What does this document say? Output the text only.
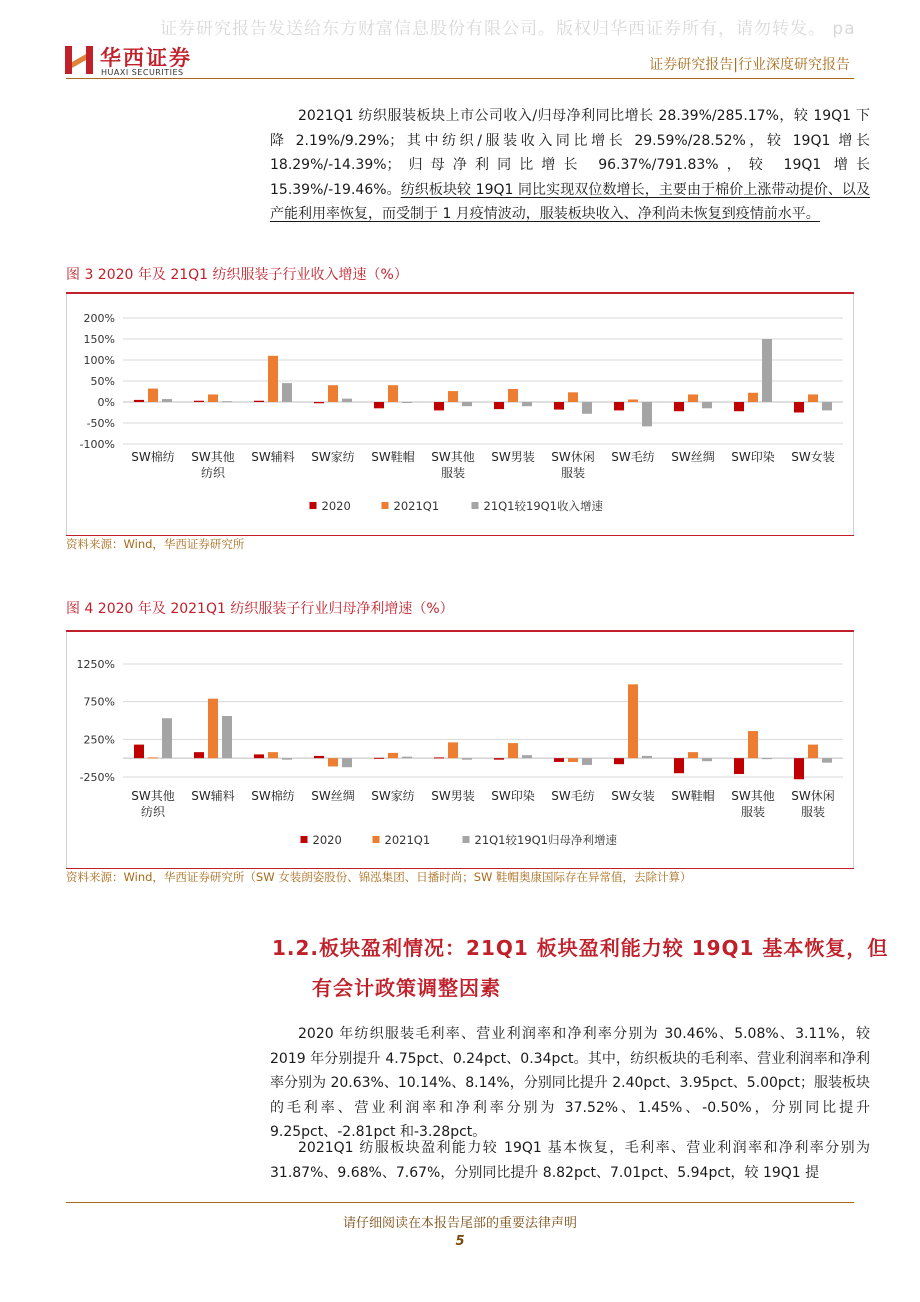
证券研究报告发送给东方财富信息股份有限公司。版权归华西证券所有，请勿转发。 pa
华西证券
HUAXI SECURITIES	证券研究报告|行业深度研究报告

2021Q1 纺织服装板块上市公司收入/归母净利同比增长 28.39%/285.17%，较 19Q1 下降 2.19%/9.29%；其中纺织/服装收入同比增长 29.59%/28.52%，较 19Q1 增长 18.29%/-14.39%；归母净利同比增长 96.37%/791.83%，较 19Q1 增长 15.39%/-19.46%。纺织板块较 19Q1 同比实现双位数增长，主要由于棉价上涨带动提价、以及产能利用率恢复，而受制于 1 月疫情波动，服装板块收入、净利尚未恢复到疫情前水平。

图 3 2020 年及 21Q1 纺织服装子行业收入增速（%）
200%
150%
100%
50%
0%
-50%
-100%
SW棉纺 SW其他
纺织
SW辅料 SW家纺 SW鞋帽 SW其他
服装
SW男装 SW休闲
服装
SW毛纺 SW丝绸 SW印染 SW女装
2020	2021Q1	21Q1较19Q1收入增速
资料来源：Wind，华西证券研究所
图 4 2020 年及 2021Q1 纺织服装子行业归母净利增速（%）
1250%
750%
250%
-250%
SW其他
纺织
SW辅料 SW棉纺 SW丝绸 SW家纺 SW男装 SW印染 SW毛纺 SW女装 SW鞋帽 SW其他
服装
SW休闲
服装
2020	2021Q1	21Q1较19Q1归母净利增速
资料来源：Wind，华西证券研究所（SW 女装朗姿股份、锦泓集团、日播时尚；SW 鞋帽奥康国际存在异常值，去除计算）
1.2.板块盈利情况：21Q1 板块盈利能力较 19Q1 基本恢复，但
有会计政策调整因素

2020 年纺织服装毛利率、营业利润率和净利率分别为 30.46%、5.08%、3.11%，较 2019 年分别提升 4.75pct、0.24pct、0.34pct。其中，纺织板块的毛利率、营业利润率和净利率分别为 20.63%、10.14%、8.14%，分别同比提升 2.40pct、3.95pct、5.00pct；服装板块的毛利率、营业利润率和净利率分别为 37.52%、1.45%、-0.50%，分别同比提升 9.25pct、-2.81pct 和-3.28pct。

2021Q1 纺服板块盈利能力较 19Q1 基本恢复，毛利率、营业利润率和净利率分别为 31.87%、9.68%、7.67%，分别同比提升 8.82pct、7.01pct、5.94pct，较 19Q1 提

请仔细阅读在本报告尾部的重要法律声明
5
